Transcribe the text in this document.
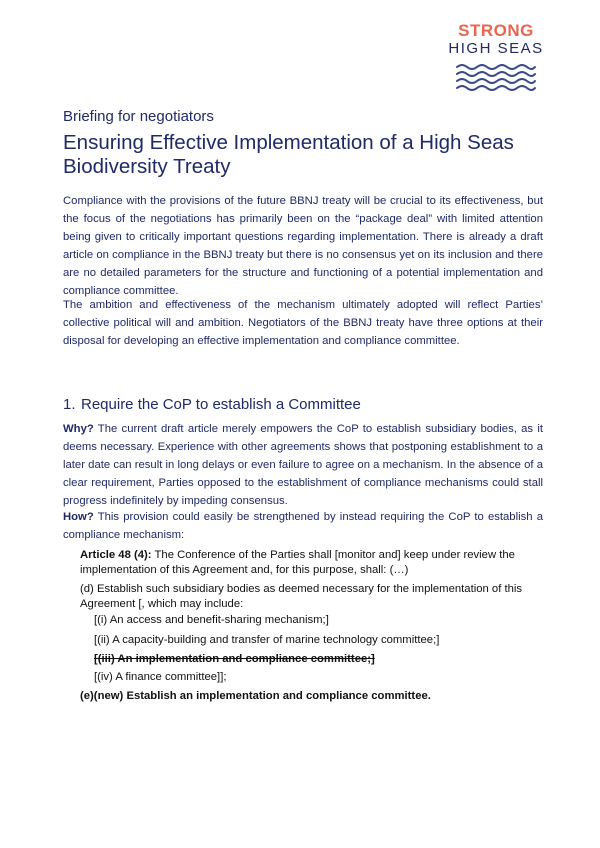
STRONG
HIGH SEAS
Briefing for negotiators
Ensuring Effective Implementation of a High Seas Biodiversity Treaty

Compliance with the provisions of the future BBNJ treaty will be crucial to its effectiveness, but the focus of the negotiations has primarily been on the “package deal” with limited attention being given to critically important questions regarding implementation. There is already a draft article on compliance in the BBNJ treaty but there is no consensus yet on its inclusion and there are no detailed parameters for the structure and functioning of a potential implementation and compliance committee.

The ambition and effectiveness of the mechanism ultimately adopted will reflect Parties’ collective political will and ambition. Negotiators of the BBNJ treaty have three options at their disposal for developing an effective implementation and compliance committee.

1. Require the CoP to establish a Committee

Why? The current draft article merely empowers the CoP to establish subsidiary bodies, as it deems necessary. Experience with other agreements shows that postponing establishment to a later date can result in long delays or even failure to agree on a mechanism. In the absence of a clear requirement, Parties opposed to the establishment of compliance mechanisms could stall progress indefinitely by impeding consensus.

How? This provision could easily be strengthened by instead requiring the CoP to establish a compliance mechanism:

Article 48 (4): The Conference of the Parties shall [monitor and] keep under review the implementation of this Agreement and, for this purpose, shall: (…)
(d) Establish such subsidiary bodies as deemed necessary for the implementation of this Agreement [, which may include:
[(i) An access and benefit-sharing mechanism;]
[(ii) A capacity-building and transfer of marine technology committee;]
[(iii) An implementation and compliance committee;]
[(iv) A finance committee]];
(e)(new) Establish an implementation and compliance committee.
